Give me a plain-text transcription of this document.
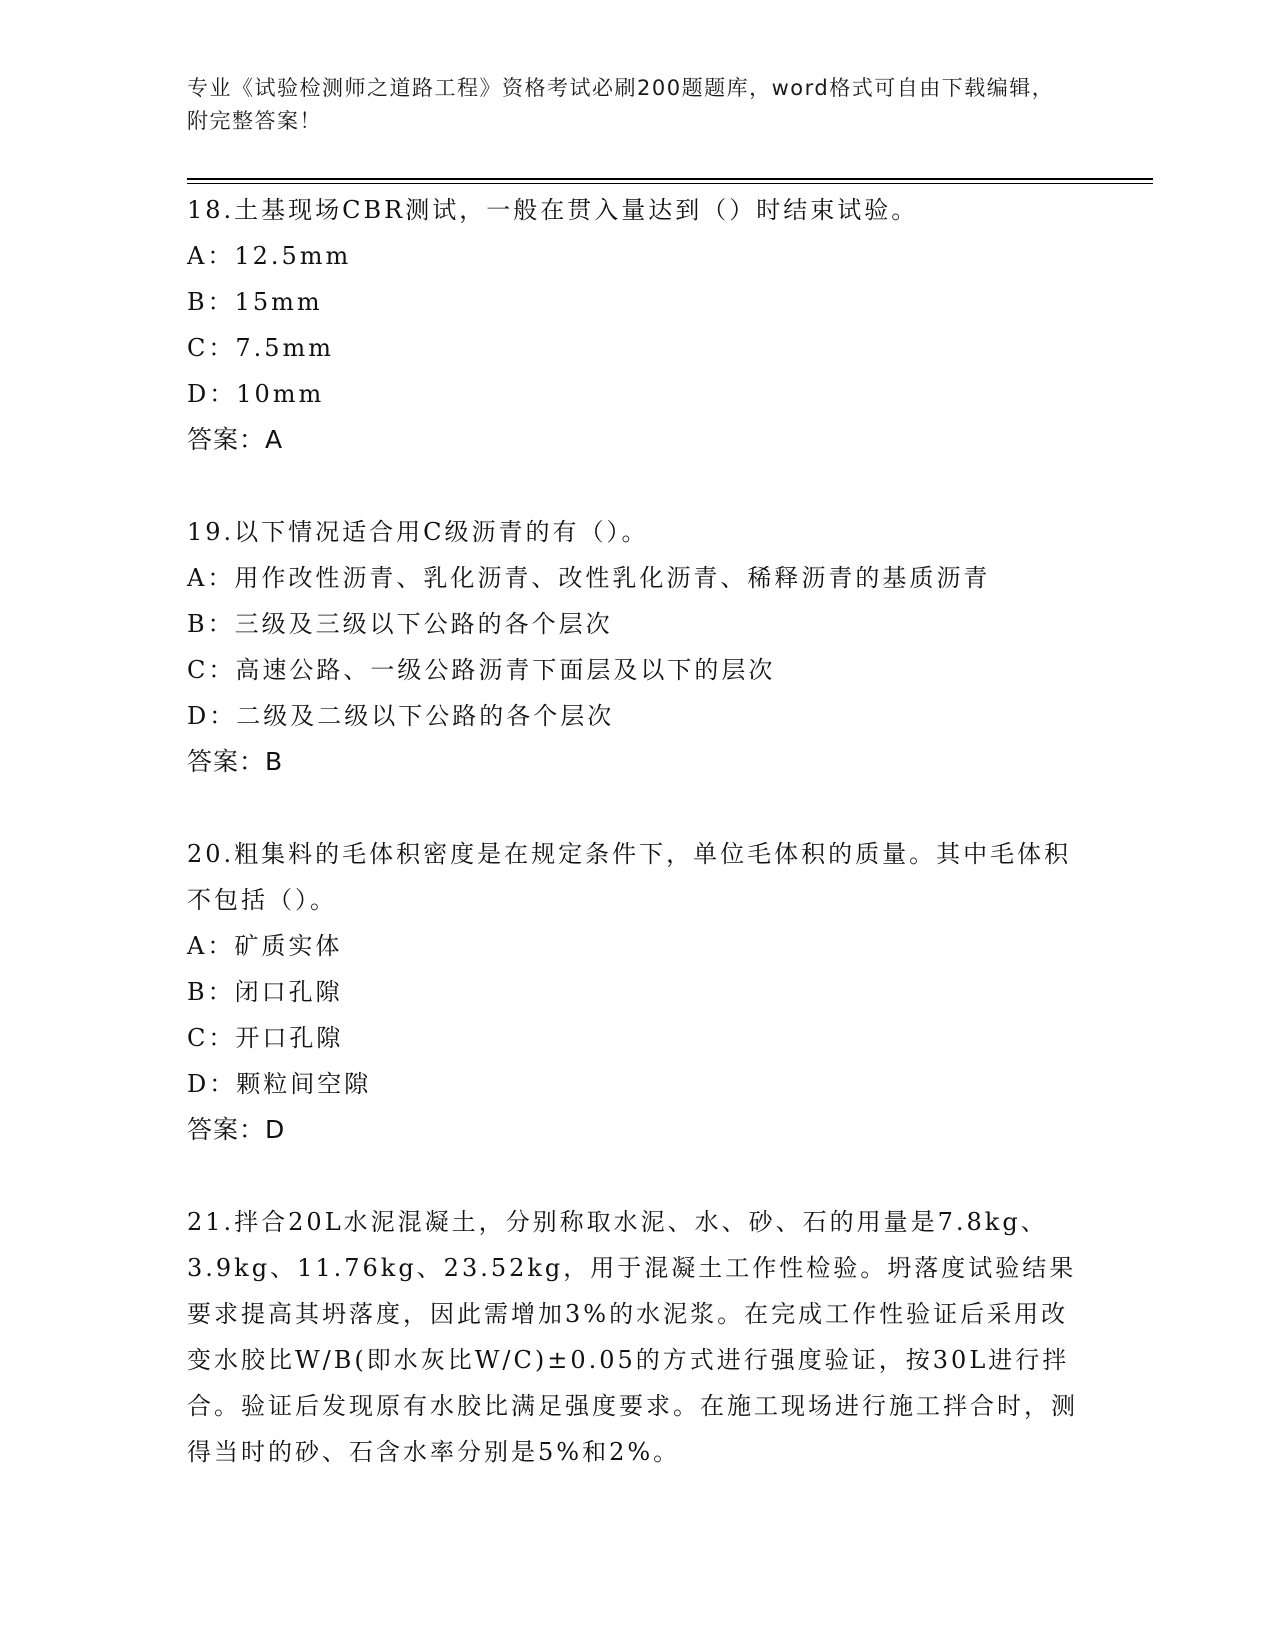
专业《试验检测师之道路工程》资格考试必刷200题题库，word格式可自由下载编辑，附完整答案！

18.土基现场CBR测试，一般在贯入量达到（）时结束试验。

A：12.5mm

B：15mm

C：7.5mm

D：10mm

答案：A

19.以下情况适合用C级沥青的有（）。

A：用作改性沥青、乳化沥青、改性乳化沥青、稀释沥青的基质沥青

B：三级及三级以下公路的各个层次

C：高速公路、一级公路沥青下面层及以下的层次

D：二级及二级以下公路的各个层次

答案：B

20.粗集料的毛体积密度是在规定条件下，单位毛体积的质量。其中毛体积不包括（）。

A：矿质实体

B：闭口孔隙

C：开口孔隙

D：颗粒间空隙

答案：D

21.拌合20L水泥混凝土，分别称取水泥、水、砂、石的用量是7.8kg、3.9kg、11.76kg、23.52kg，用于混凝土工作性检验。坍落度试验结果要求提高其坍落度，因此需增加3%的水泥浆。在完成工作性验证后采用改变水胶比W/B(即水灰比W/C)±0.05的方式进行强度验证，按30L进行拌合。验证后发现原有水胶比满足强度要求。在施工现场进行施工拌合时，测得当时的砂、石含水率分别是5%和2%。
